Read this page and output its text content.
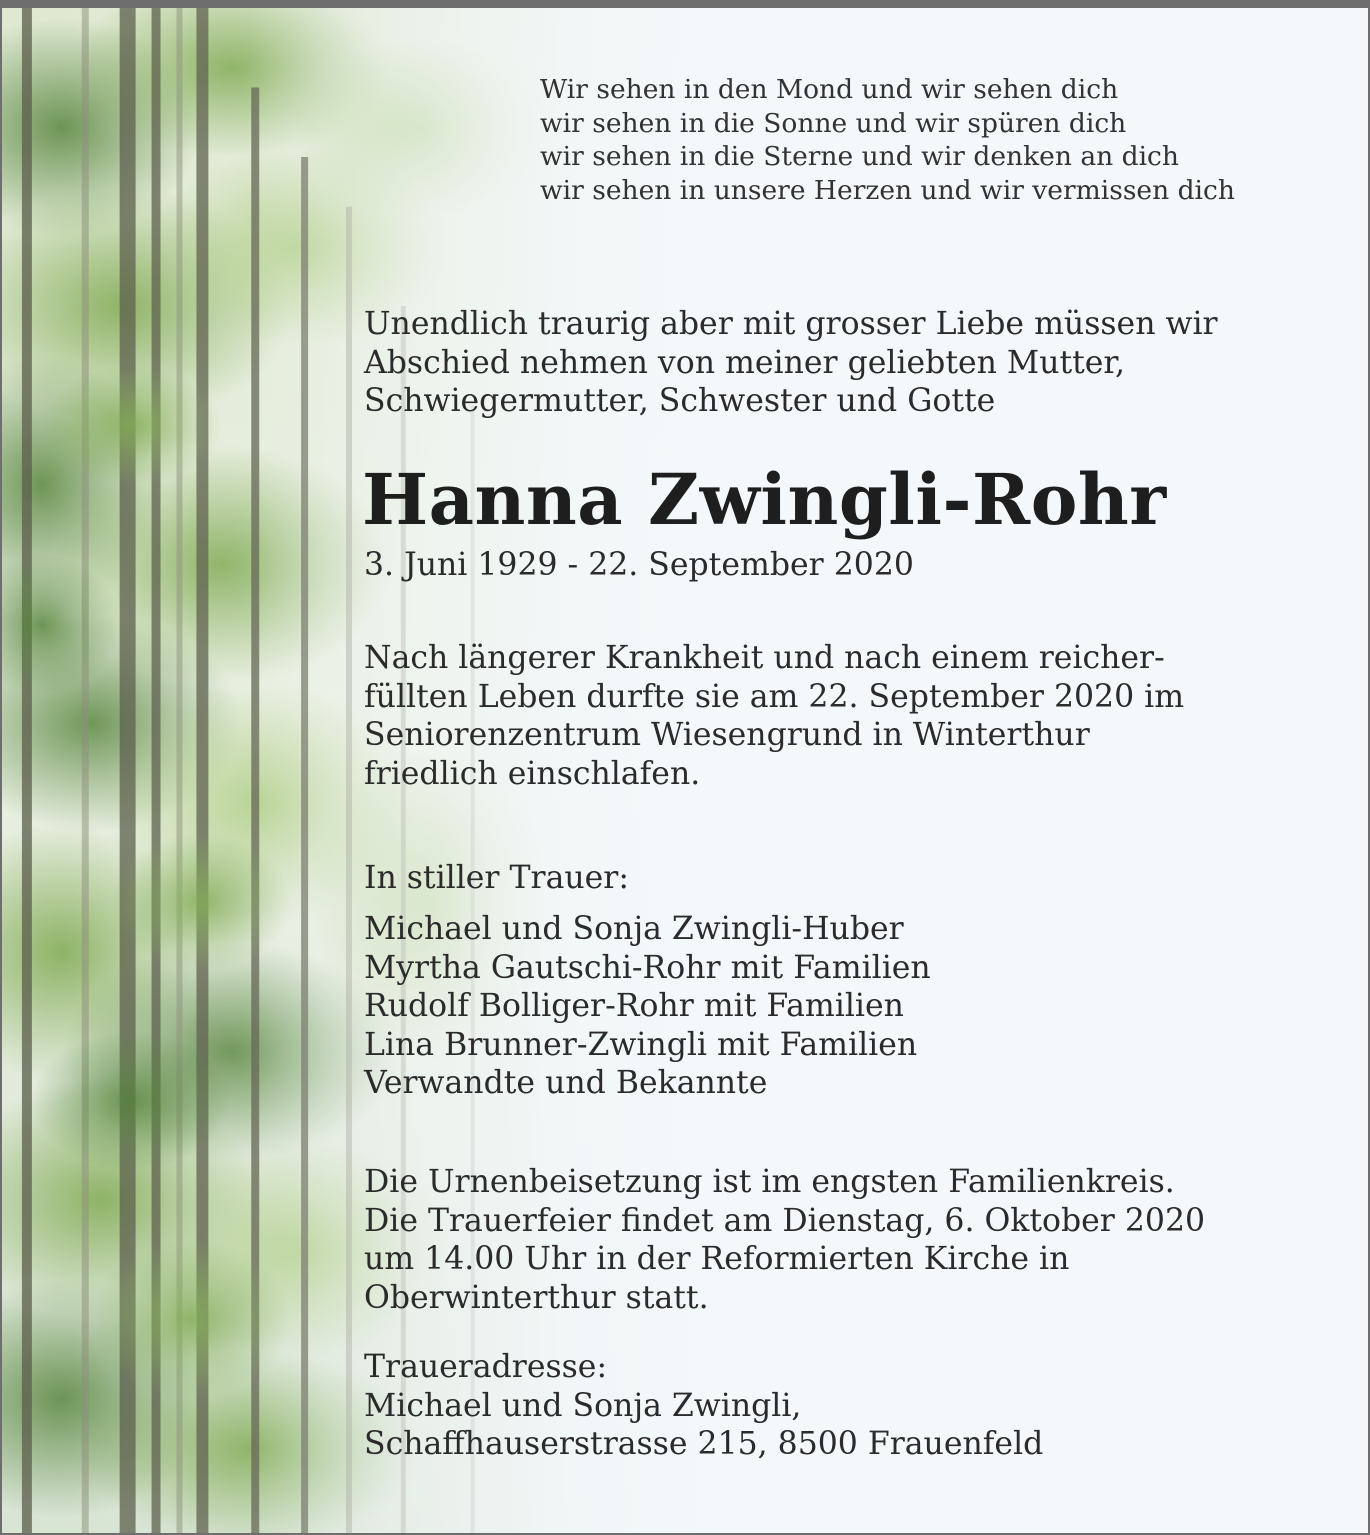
Wir sehen in den Mond und wir sehen dich
wir sehen in die Sonne und wir spüren dich
wir sehen in die Sterne und wir denken an dich
wir sehen in unsere Herzen und wir vermissen dich
Unendlich traurig aber mit grosser Liebe müssen wir
Abschied nehmen von meiner geliebten Mutter,
Schwiegermutter, Schwester und Gotte
Hanna Zwingli-Rohr
3. Juni 1929 - 22. September 2020
Nach längerer Krankheit und nach einem reicher-
füllten Leben durfte sie am 22. September 2020 im
Seniorenzentrum Wiesengrund in Winterthur
friedlich einschlafen.
In stiller Trauer:
Michael und Sonja Zwingli-Huber
Myrtha Gautschi-Rohr mit Familien
Rudolf Bolliger-Rohr mit Familien
Lina Brunner-Zwingli mit Familien
Verwandte und Bekannte
Die Urnenbeisetzung ist im engsten Familienkreis.
Die Trauerfeier findet am Dienstag, 6. Oktober 2020
um 14.00 Uhr in der Reformierten Kirche in
Oberwinterthur statt.
Traueradresse:
Michael und Sonja Zwingli,
Schaffhauserstrasse 215, 8500 Frauenfeld
